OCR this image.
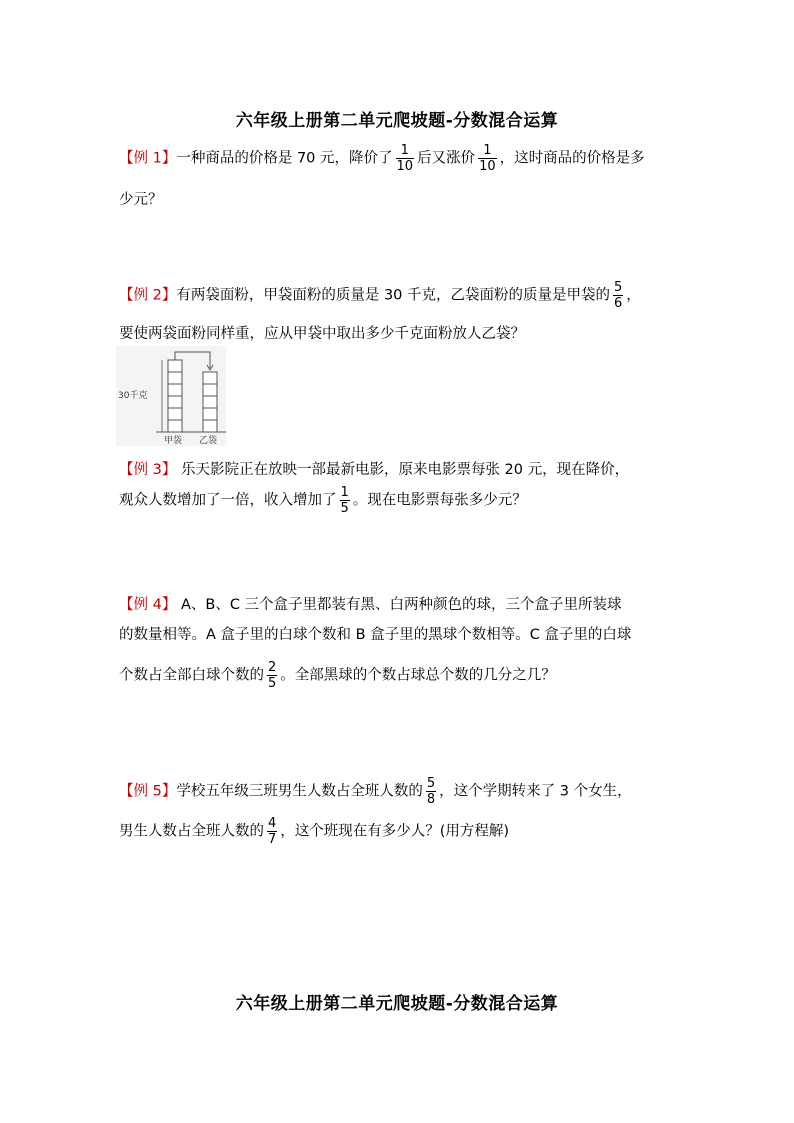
六年级上册第二单元爬坡题-分数混合运算
【例 1】一种商品的价格是 70 元，降价了 $\frac{1}{10}$ 后又涨价 $\frac{1}{10}$ ，这时商品的价格是多
少元？
【例 2】有两袋面粉，甲袋面粉的质量是 30 千克，乙袋面粉的质量是甲袋的 $\frac{5}{6}$ ，
要使两袋面粉同样重，应从甲袋中取出多少千克面粉放人乙袋？
30千克
甲袋 乙袋
【例 3】 乐天影院正在放映一部最新电影，原来电影票每张 20 元，现在降价，
观众人数增加了一倍，收入增加了 $\frac{1}{5}$ 。现在电影票每张多少元？
【例 4】 A、B、C 三个盒子里都装有黑、白两种颜色的球，三个盒子里所装球
的数量相等。A 盒子里的白球个数和 B 盒子里的黑球个数相等。C 盒子里的白球
个数占全部白球个数的 $\frac{2}{5}$ 。全部黑球的个数占球总个数的几分之几？
【例 5】学校五年级三班男生人数占全班人数的 $\frac{5}{8}$ ，这个学期转来了 3 个女生，
男生人数占全班人数的 $\frac{4}{7}$ ，这个班现在有多少人？(用方程解)
六年级上册第二单元爬坡题-分数混合运算
